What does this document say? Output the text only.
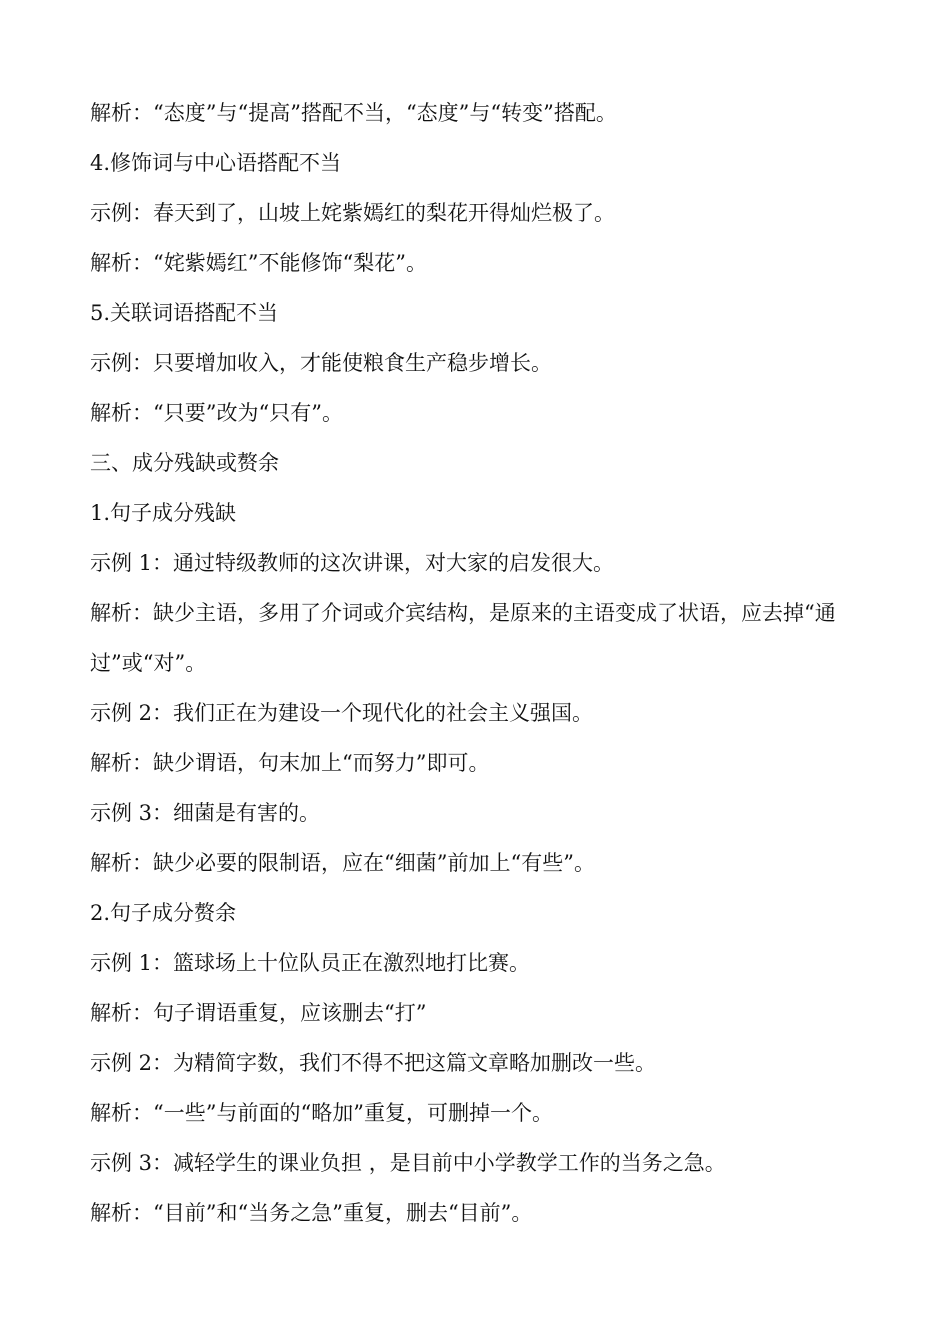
解析：“态度”与“提高”搭配不当，“态度”与“转变”搭配。
4.修饰词与中心语搭配不当
示例：春天到了，山坡上姹紫嫣红的梨花开得灿烂极了。
解析：“姹紫嫣红”不能修饰“梨花”。
5.关联词语搭配不当
示例：只要增加收入，才能使粮食生产稳步增长。
解析：“只要”改为“只有”。
三、成分残缺或赘余
1.句子成分残缺
示例 1：通过特级教师的这次讲课，对大家的启发很大。
解析：缺少主语，多用了介词或介宾结构，是原来的主语变成了状语，应去掉“通过”或“对”。
示例 2：我们正在为建设一个现代化的社会主义强国。
解析：缺少谓语，句末加上“而努力”即可。
示例 3：细菌是有害的。
解析：缺少必要的限制语，应在“细菌”前加上“有些”。
2.句子成分赘余
示例 1：篮球场上十位队员正在激烈地打比赛。
解析：句子谓语重复，应该删去“打”
示例 2：为精简字数，我们不得不把这篇文章略加删改一些。
解析：“一些”与前面的“略加”重复，可删掉一个。
示例 3：减轻学生的课业负担 ，是目前中小学教学工作的当务之急。
解析：“目前”和“当务之急”重复，删去“目前”。
